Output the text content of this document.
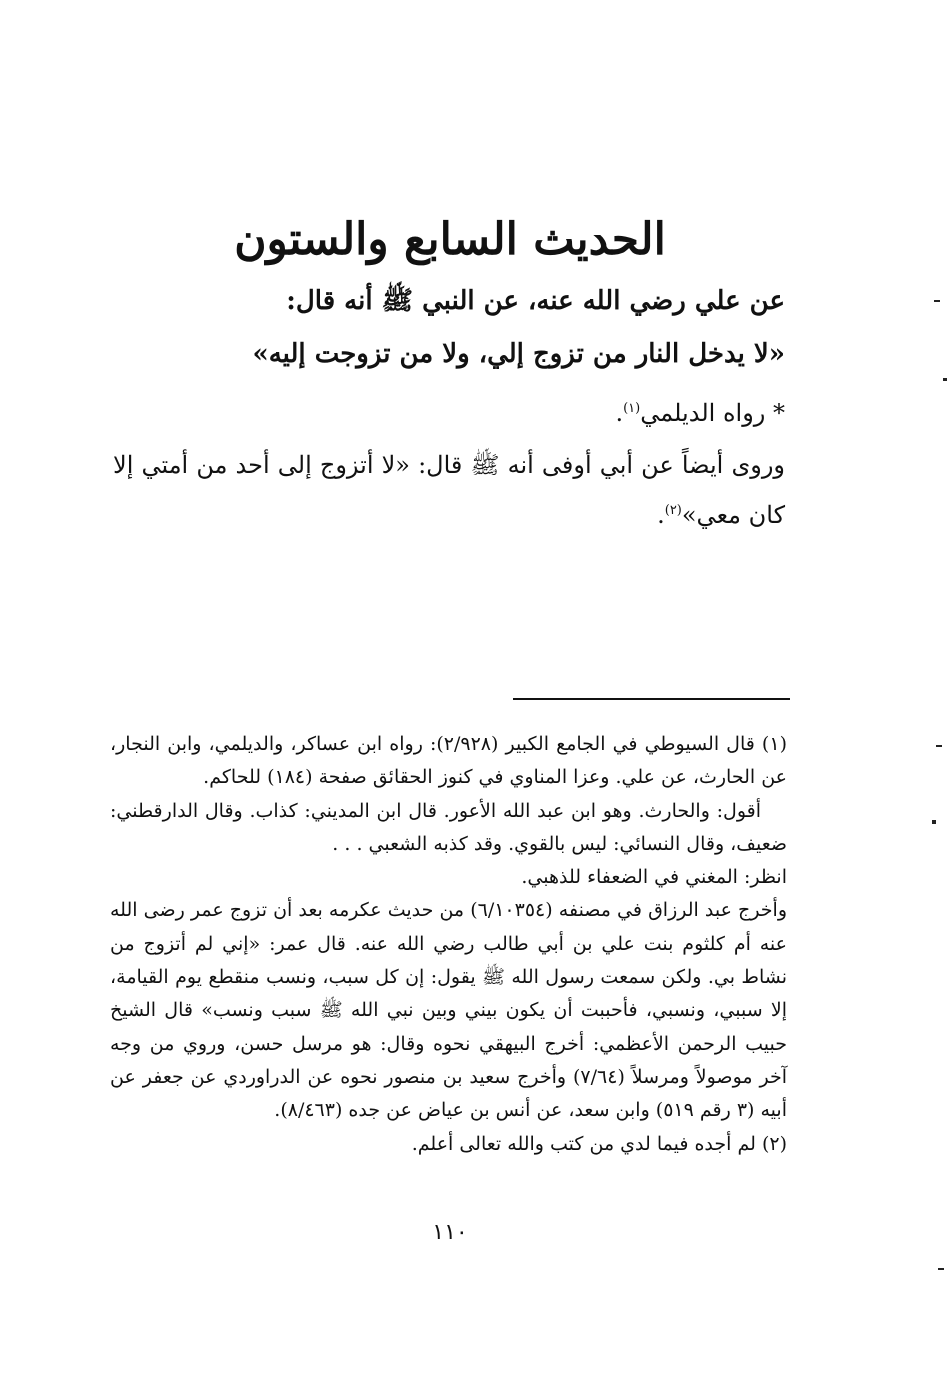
الحديث السابع والستون
عن علي رضي الله عنه، عن النبي ﷺ أنه قال:
«لا يدخل النار من تزوج إلي، ولا من تزوجت إليه»
* رواه الديلمي$^{(١)}$.
وروى أيضاً عن أبي أوفى أنه ﷺ قال: «لا أتزوج إلى أحد من أمتي إلا كان معي»$^{(٢)}$.

(١) قال السيوطي في الجامع الكبير (٢/٩٢٨): رواه ابن عساكر، والديلمي، وابن النجار، عن الحارث، عن علي. وعزا المناوي في كنوز الحقائق صفحة (١٨٤) للحاكم.

أقول: والحارث. وهو ابن عبد الله الأعور. قال ابن المديني: كذاب. وقال الدارقطني: ضعيف، وقال النسائي: ليس بالقوي. وقد كذبه الشعبي . . .

انظر: المغني في الضعفاء للذهبي.

وأخرج عبد الرزاق في مصنفه (٦/١٠٣٥٤) من حديث عكرمه بعد أن تزوج عمر رضى الله عنه أم كلثوم بنت علي بن أبي طالب رضي الله عنه. قال عمر: «إني لم أتزوج من نشاط بي. ولكن سمعت رسول الله ﷺ يقول: إن كل سبب، ونسب منقطع يوم القيامة، إلا سببي، ونسبي، فأحببت أن يكون بيني وبين نبي الله ﷺ سبب ونسب» قال الشيخ حبيب الرحمن الأعظمي: أخرج البيهقي نحوه وقال: هو مرسل حسن، وروي من وجه آخر موصولاً ومرسلاً (٧/٦٤) وأخرج سعيد بن منصور نحوه عن الدراوردي عن جعفر عن أبيه (٣ رقم ٥١٩) وابن سعد، عن أنس بن عياض عن جده (٨/٤٦٣).

(٢) لم أجده فيما لدي من كتب والله تعالى أعلم.

١١٠
